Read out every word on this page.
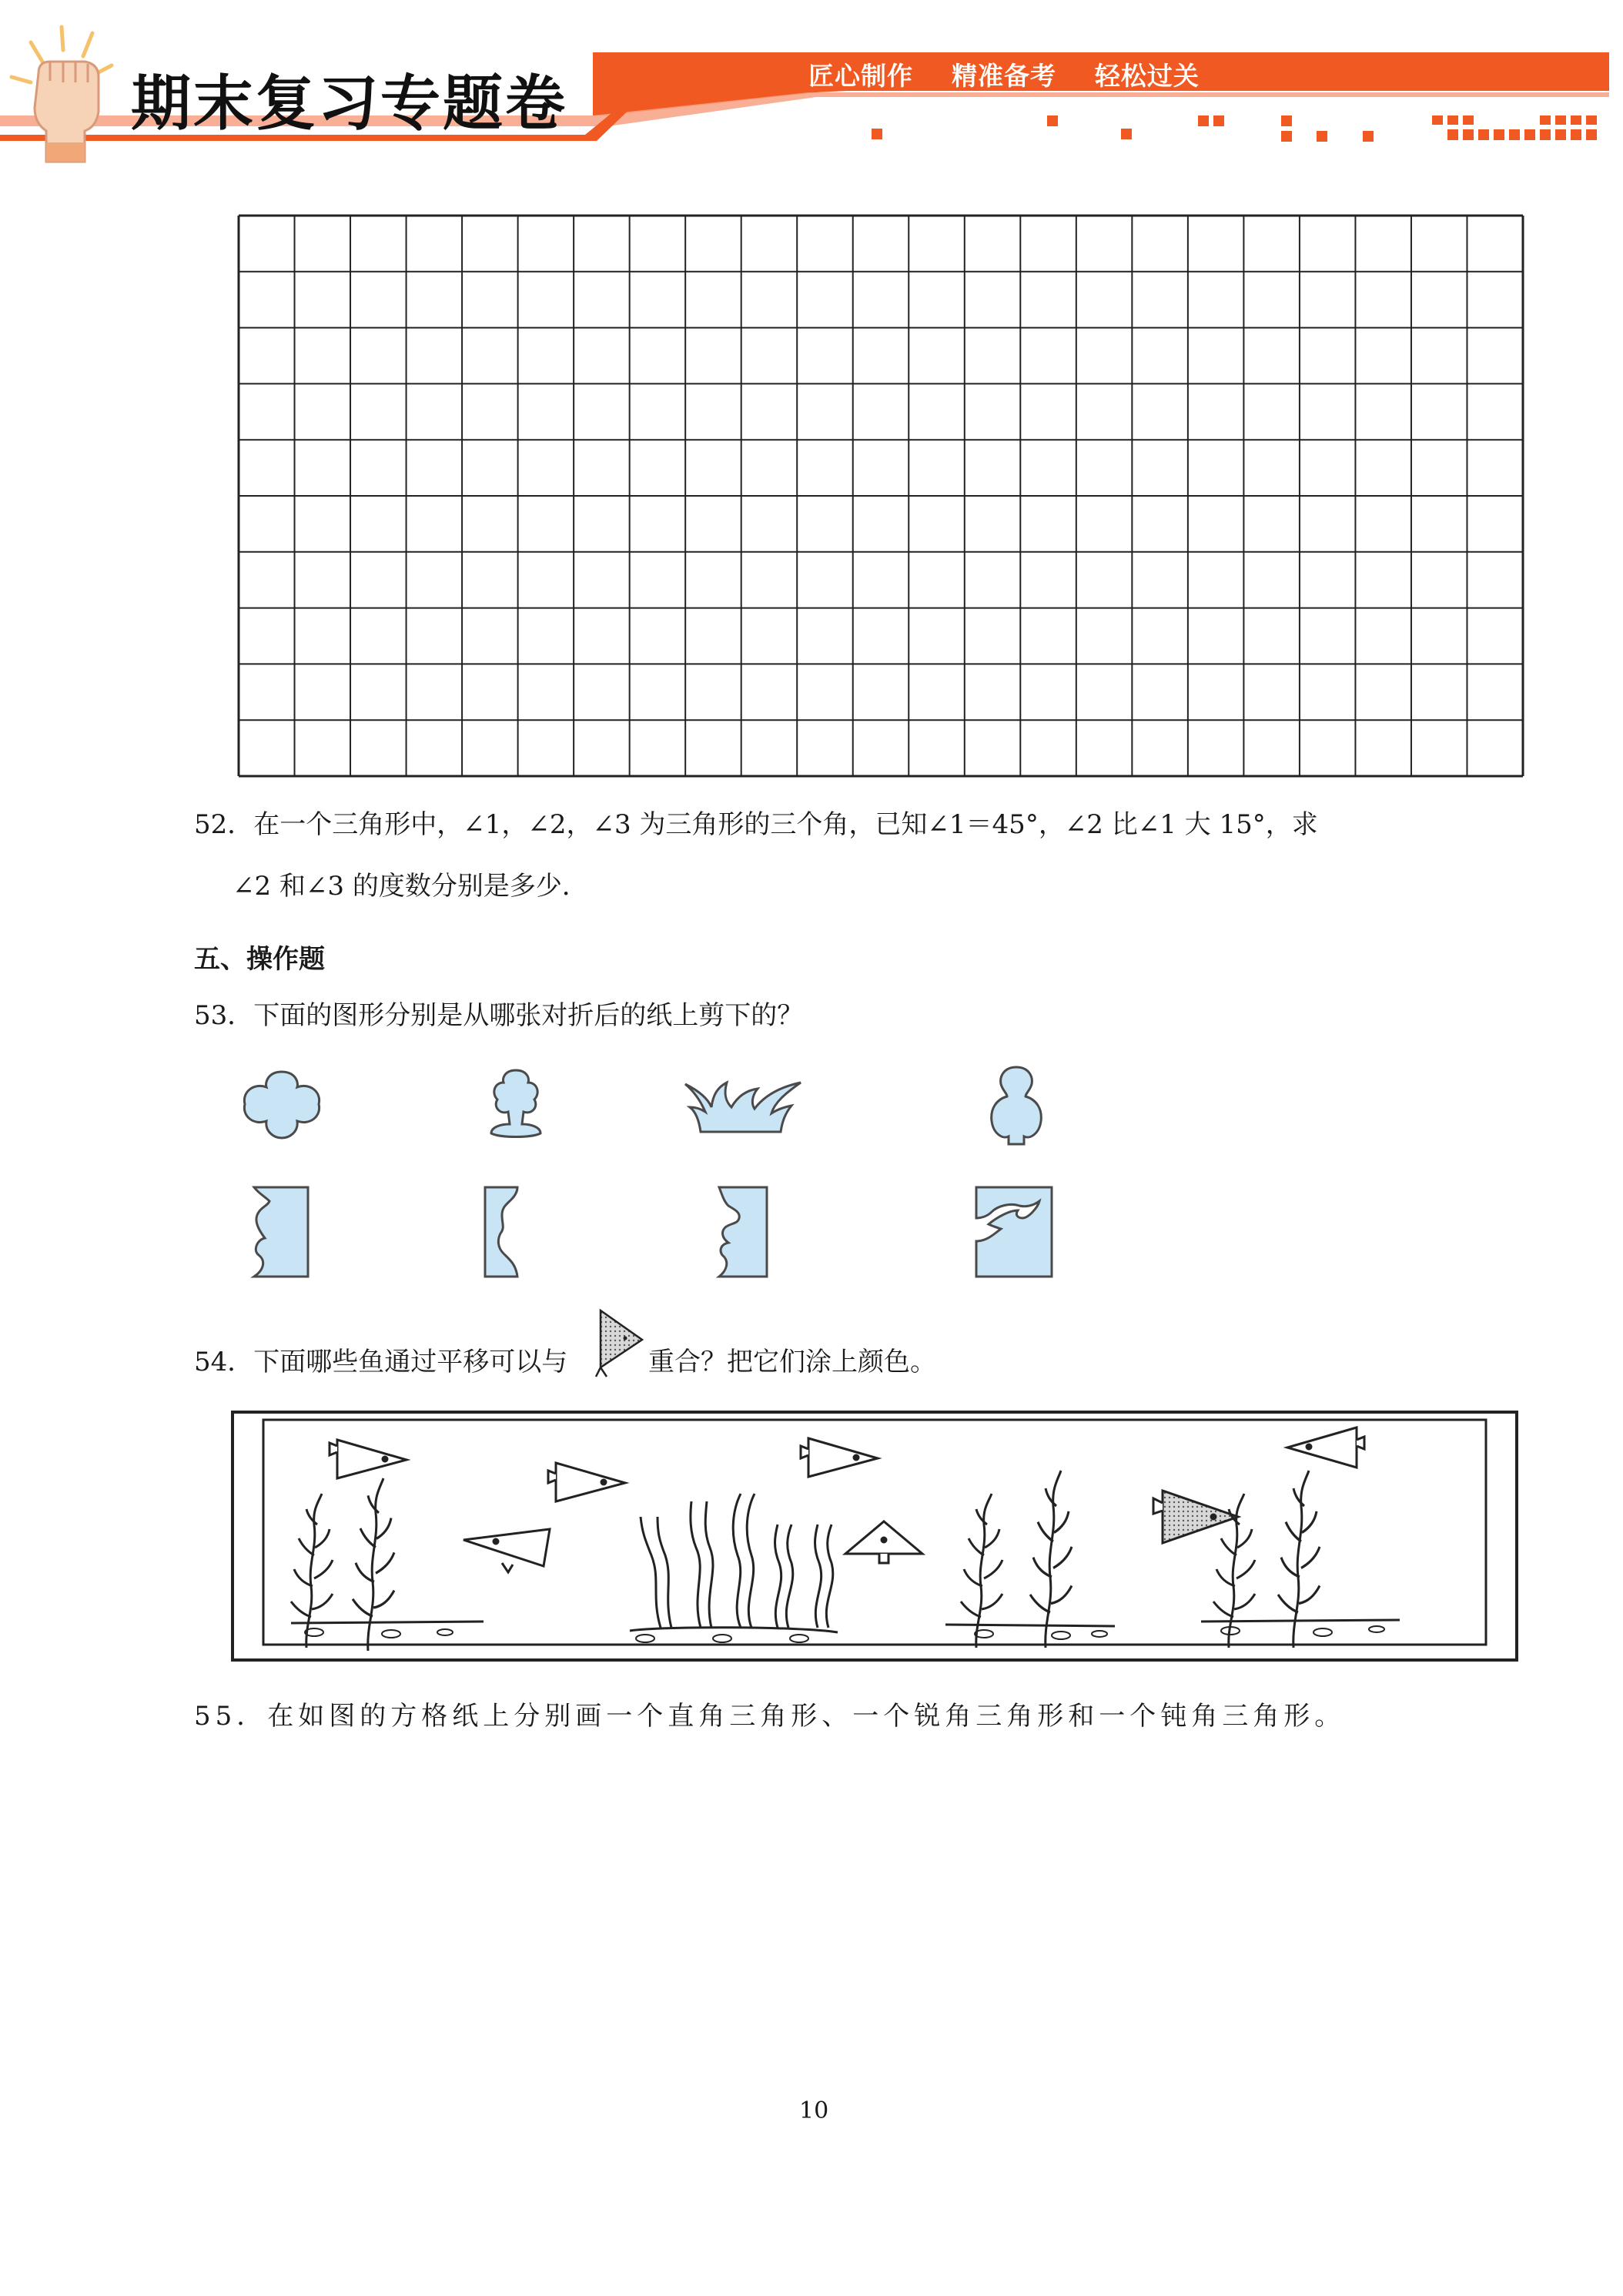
期末复习专题卷	匠心制作    精准备考    轻松过关
52．在一个三角形中，∠1，∠2，∠3 为三角形的三个角，已知∠1＝45°，∠2 比∠1 大 15°，求
∠2 和∠3 的度数分别是多少．
五、操作题
53．下面的图形分别是从哪张对折后的纸上剪下的？
54．下面哪些鱼通过平移可以与	重合？把它们涂上颜色。
55．在如图的方格纸上分别画一个直角三角形、一个锐角三角形和一个钝角三角形。
10
